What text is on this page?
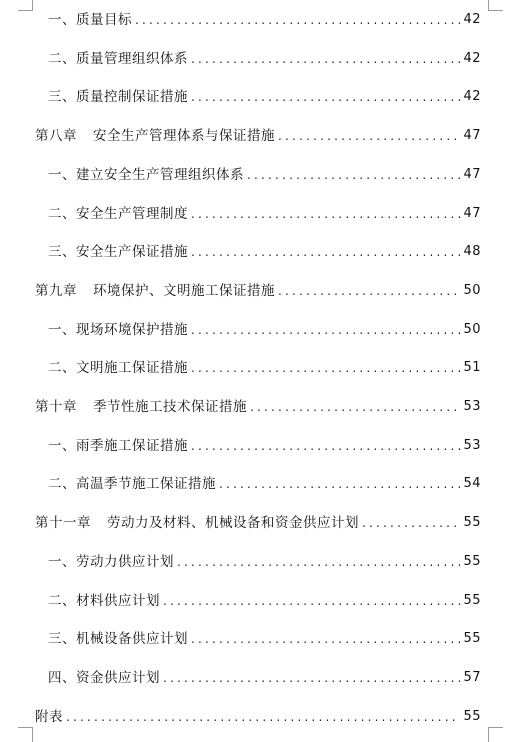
一、质量目标 .....	42
二、质量管理组织体系 .....	42
三、质量控制保证措施 .....	42
第八章 安全生产管理体系与保证措施 .....	47
一、建立安全生产管理组织体系 .....	47
二、安全生产管理制度 .....	47
三、安全生产保证措施 .....	48
第九章 环境保护、文明施工保证措施 .....	50
一、现场环境保护措施 .....	50
二、文明施工保证措施 .....	51
第十章 季节性施工技术保证措施 .....	53
一、雨季施工保证措施 .....	53
二、高温季节施工保证措施 .....	54
第十一章 劳动力及材料、机械设备和资金供应计划 .....	55
一、劳动力供应计划 .....	55
二、材料供应计划 .....	55
三、机械设备供应计划 .....	55
四、资金供应计划 .....	57
附表 .....	55
